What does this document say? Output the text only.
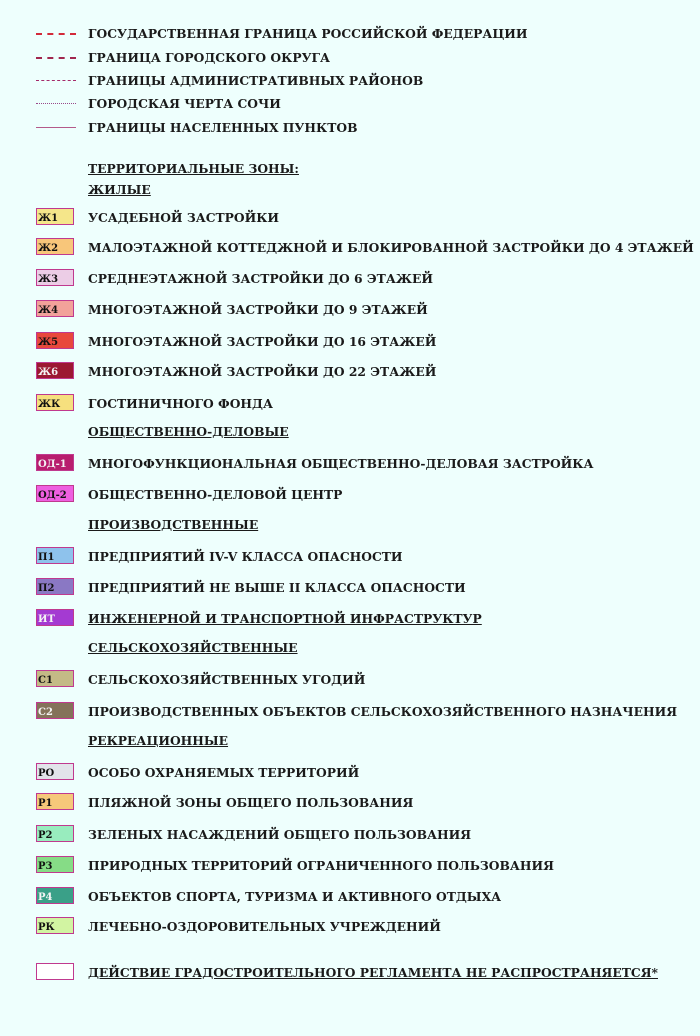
ГОСУДАРСТВЕННАЯ ГРАНИЦА РОССИЙСКОЙ ФЕДЕРАЦИИ
ГРАНИЦА ГОРОДСКОГО ОКРУГА
ГРАНИЦЫ АДМИНИСТРАТИВНЫХ РАЙОНОВ
ГОРОДСКАЯ ЧЕРТА СОЧИ
ГРАНИЦЫ НАСЕЛЕННЫХ ПУНКТОВ
ТЕРРИТОРИАЛЬНЫЕ ЗОНЫ:
ЖИЛЫЕ
Ж1	УСАДЕБНОЙ ЗАСТРОЙКИ
Ж2	МАЛОЭТАЖНОЙ КОТТЕДЖНОЙ И БЛОКИРОВАННОЙ ЗАСТРОЙКИ ДО 4 ЭТАЖЕЙ
Ж3	СРЕДНЕЭТАЖНОЙ ЗАСТРОЙКИ ДО 6 ЭТАЖЕЙ
Ж4	МНОГОЭТАЖНОЙ ЗАСТРОЙКИ ДО 9 ЭТАЖЕЙ
Ж5	МНОГОЭТАЖНОЙ ЗАСТРОЙКИ ДО 16 ЭТАЖЕЙ
Ж6	МНОГОЭТАЖНОЙ ЗАСТРОЙКИ ДО 22 ЭТАЖЕЙ
ЖК	ГОСТИНИЧНОГО ФОНДА
ОБЩЕСТВЕННО-ДЕЛОВЫЕ
ОД-1	МНОГОФУНКЦИОНАЛЬНАЯ ОБЩЕСТВЕННО-ДЕЛОВАЯ ЗАСТРОЙКА
ОД-2	ОБЩЕСТВЕННО-ДЕЛОВОЙ ЦЕНТР
ПРОИЗВОДСТВЕННЫЕ
П1	ПРЕДПРИЯТИЙ IV-V КЛАССА ОПАСНОСТИ
П2	ПРЕДПРИЯТИЙ НЕ ВЫШЕ II КЛАССА ОПАСНОСТИ
ИТ	ИНЖЕНЕРНОЙ И ТРАНСПОРТНОЙ ИНФРАСТРУКТУР
СЕЛЬСКОХОЗЯЙСТВЕННЫЕ
С1	СЕЛЬСКОХОЗЯЙСТВЕННЫХ УГОДИЙ
С2	ПРОИЗВОДСТВЕННЫХ ОБЪЕКТОВ СЕЛЬСКОХОЗЯЙСТВЕННОГО НАЗНАЧЕНИЯ
РЕКРЕАЦИОННЫЕ
РО	ОСОБО ОХРАНЯЕМЫХ ТЕРРИТОРИЙ
Р1	ПЛЯЖНОЙ ЗОНЫ ОБЩЕГО ПОЛЬЗОВАНИЯ
Р2	ЗЕЛЕНЫХ НАСАЖДЕНИЙ ОБЩЕГО ПОЛЬЗОВАНИЯ
Р3	ПРИРОДНЫХ ТЕРРИТОРИЙ ОГРАНИЧЕННОГО ПОЛЬЗОВАНИЯ
Р4	ОБЪЕКТОВ СПОРТА, ТУРИЗМА И АКТИВНОГО ОТДЫХА
РК	ЛЕЧЕБНО-ОЗДОРОВИТЕЛЬНЫХ УЧРЕЖДЕНИЙ
ДЕЙСТВИЕ ГРАДОСТРОИТЕЛЬНОГО РЕГЛАМЕНТА НЕ РАСПРОСТРАНЯЕТСЯ*
